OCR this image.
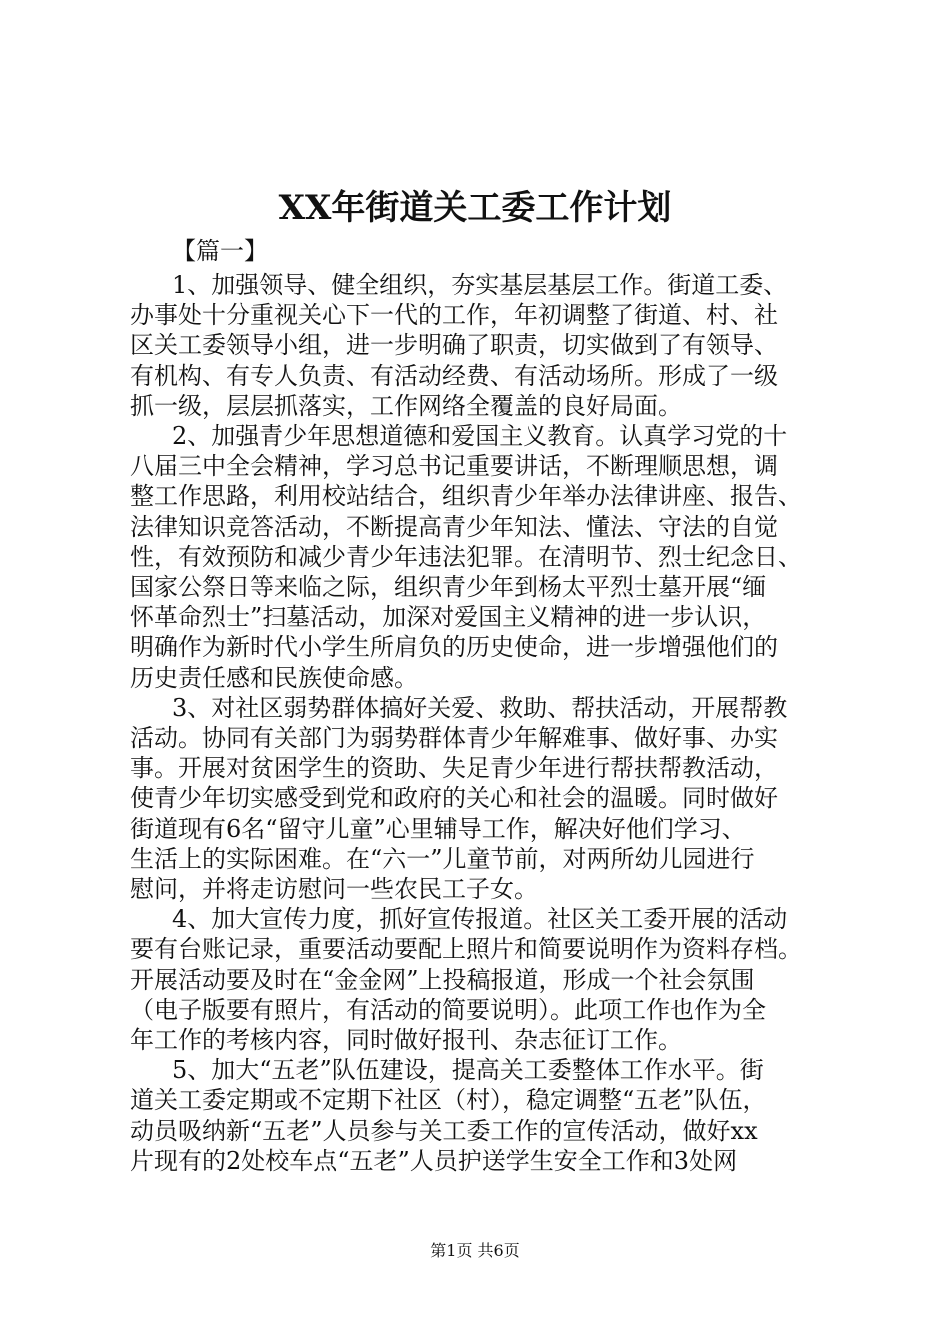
XX年街道关工委工作计划
【篇一】
1、加强领导、健全组织，夯实基层基层工作。街道工委、
办事处十分重视关心下一代的工作，年初调整了街道、村、社
区关工委领导小组，进一步明确了职责，切实做到了有领导、
有机构、有专人负责、有活动经费、有活动场所。形成了一级
抓一级，层层抓落实，工作网络全覆盖的良好局面。
2、加强青少年思想道德和爱国主义教育。认真学习党的十
八届三中全会精神，学习总书记重要讲话，不断理顺思想，调
整工作思路，利用校站结合，组织青少年举办法律讲座、报告、
法律知识竞答活动，不断提高青少年知法、懂法、守法的自觉
性，有效预防和减少青少年违法犯罪。在清明节、烈士纪念日、
国家公祭日等来临之际，组织青少年到杨太平烈士墓开展“缅
怀革命烈士”扫墓活动，加深对爱国主义精神的进一步认识，
明确作为新时代小学生所肩负的历史使命，进一步增强他们的
历史责任感和民族使命感。
3、对社区弱势群体搞好关爱、救助、帮扶活动，开展帮教
活动。协同有关部门为弱势群体青少年解难事、做好事、办实
事。开展对贫困学生的资助、失足青少年进行帮扶帮教活动，
使青少年切实感受到党和政府的关心和社会的温暖。同时做好
街道现有6名“留守儿童”心里辅导工作，解决好他们学习、
生活上的实际困难。在“六一”儿童节前，对两所幼儿园进行
慰问，并将走访慰问一些农民工子女。
4、加大宣传力度，抓好宣传报道。社区关工委开展的活动
要有台账记录，重要活动要配上照片和简要说明作为资料存档。
开展活动要及时在“金金网”上投稿报道，形成一个社会氛围
（电子版要有照片，有活动的简要说明）。此项工作也作为全
年工作的考核内容，同时做好报刊、杂志征订工作。
5、加大“五老”队伍建设，提高关工委整体工作水平。街
道关工委定期或不定期下社区（村），稳定调整“五老”队伍，
动员吸纳新“五老”人员参与关工委工作的宣传活动，做好xx
片现有的2处校车点“五老”人员护送学生安全工作和3处网
第1页 共6页
